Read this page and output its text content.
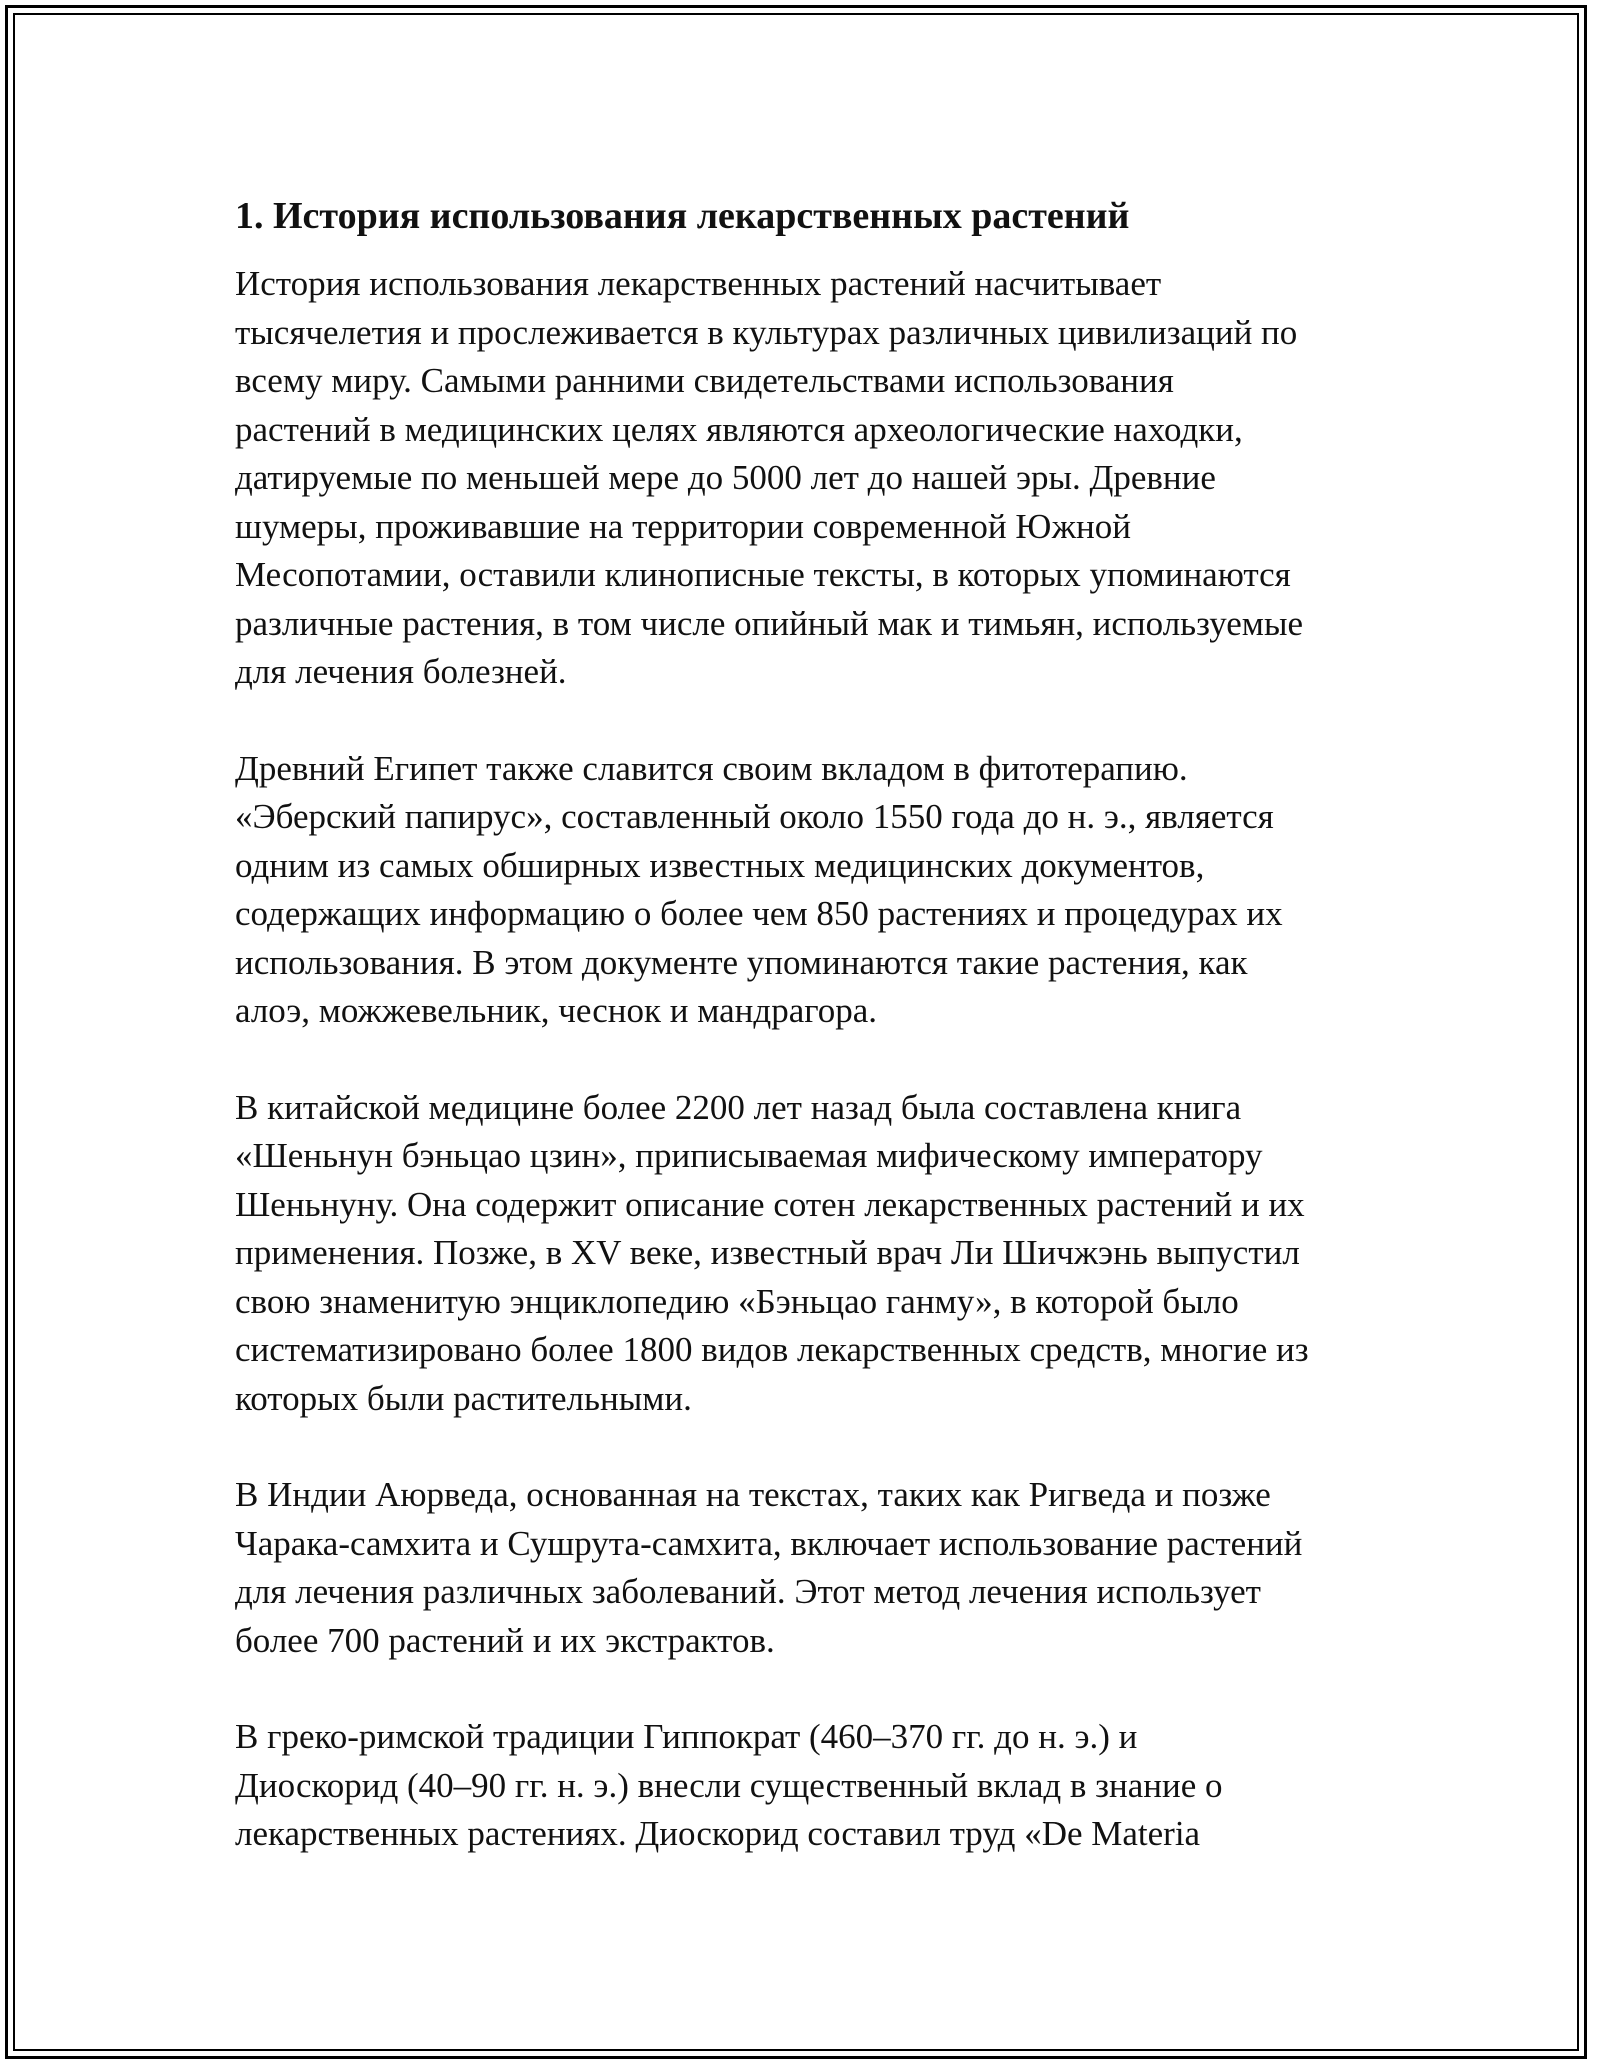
1. История использования лекарственных растений

История использования лекарственных растений насчитывает
тысячелетия и прослеживается в культурах различных цивилизаций по
всему миру. Самыми ранними свидетельствами использования
растений в медицинских целях являются археологические находки,
датируемые по меньшей мере до 5000 лет до нашей эры. Древние
шумеры, проживавшие на территории современной Южной
Месопотамии, оставили клинописные тексты, в которых упоминаются
различные растения, в том числе опийный мак и тимьян, используемые
для лечения болезней.

Древний Египет также славится своим вкладом в фитотерапию.
«Эберский папирус», составленный около 1550 года до н. э., является
одним из самых обширных известных медицинских документов,
содержащих информацию о более чем 850 растениях и процедурах их
использования. В этом документе упоминаются такие растения, как
алоэ, можжевельник, чеснок и мандрагора.

В китайской медицине более 2200 лет назад была составлена книга
«Шеньнун бэньцао цзин», приписываемая мифическому императору
Шеньнуну. Она содержит описание сотен лекарственных растений и их
применения. Позже, в XV веке, известный врач Ли Шичжэнь выпустил
свою знаменитую энциклопедию «Бэньцао ганму», в которой было
систематизировано более 1800 видов лекарственных средств, многие из
которых были растительными.

В Индии Аюрведа, основанная на текстах, таких как Ригведа и позже
Чарака-самхита и Сушрута-самхита, включает использование растений
для лечения различных заболеваний. Этот метод лечения использует
более 700 растений и их экстрактов.

В греко-римской традиции Гиппократ (460–370 гг. до н. э.) и
Диоскорид (40–90 гг. н. э.) внесли существенный вклад в знание о
лекарственных растениях. Диоскорид составил труд «De Materia
